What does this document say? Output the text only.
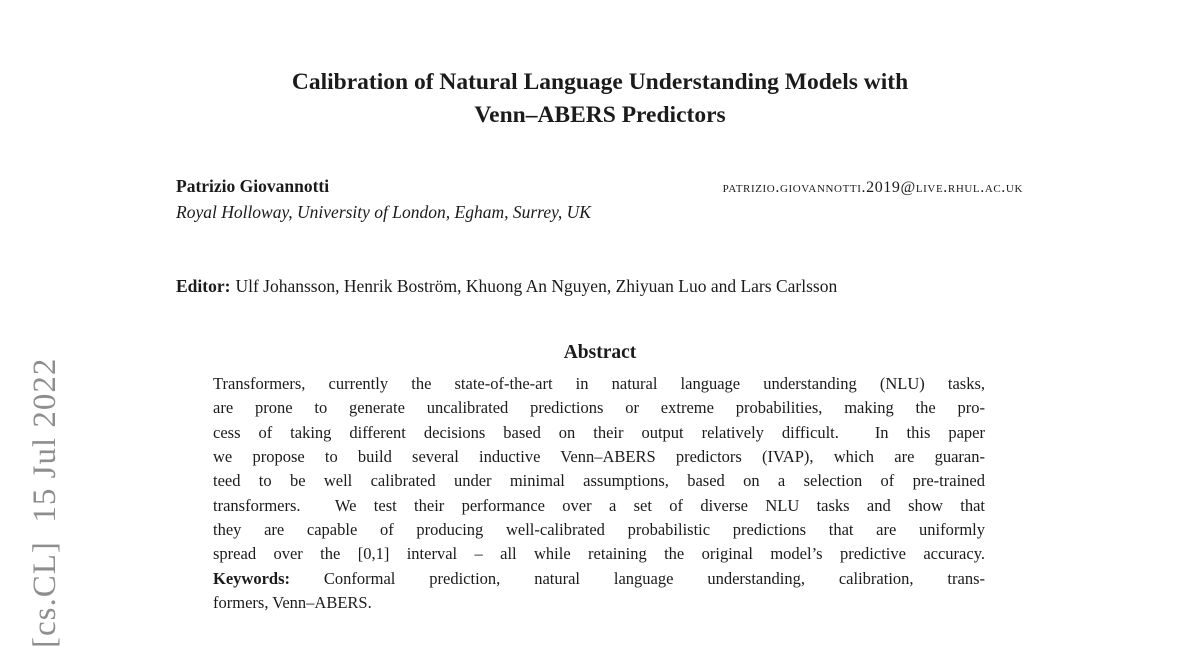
[cs.CL]  15 Jul 2022
Calibration of Natural Language Understanding Models with
Venn–ABERS Predictors
Patrizio Giovannotti	patrizio.giovannotti.2019@live.rhul.ac.uk
Royal Holloway, University of London, Egham, Surrey, UK
Editor: Ulf Johansson, Henrik Boström, Khuong An Nguyen, Zhiyuan Luo and Lars Carlsson
Abstract
Transformers, currently the state-of-the-art in natural language understanding (NLU) tasks,
are prone to generate uncalibrated predictions or extreme probabilities, making the pro-
cess of taking different decisions based on their output relatively difficult.  In this paper
we propose to build several inductive Venn–ABERS predictors (IVAP), which are guaran-
teed to be well calibrated under minimal assumptions, based on a selection of pre-trained
transformers.  We test their performance over a set of diverse NLU tasks and show that
they are capable of producing well-calibrated probabilistic predictions that are uniformly
spread over the [0,1] interval – all while retaining the original model’s predictive accuracy.
Keywords: Conformal prediction, natural language understanding, calibration, trans-
formers, Venn–ABERS.
